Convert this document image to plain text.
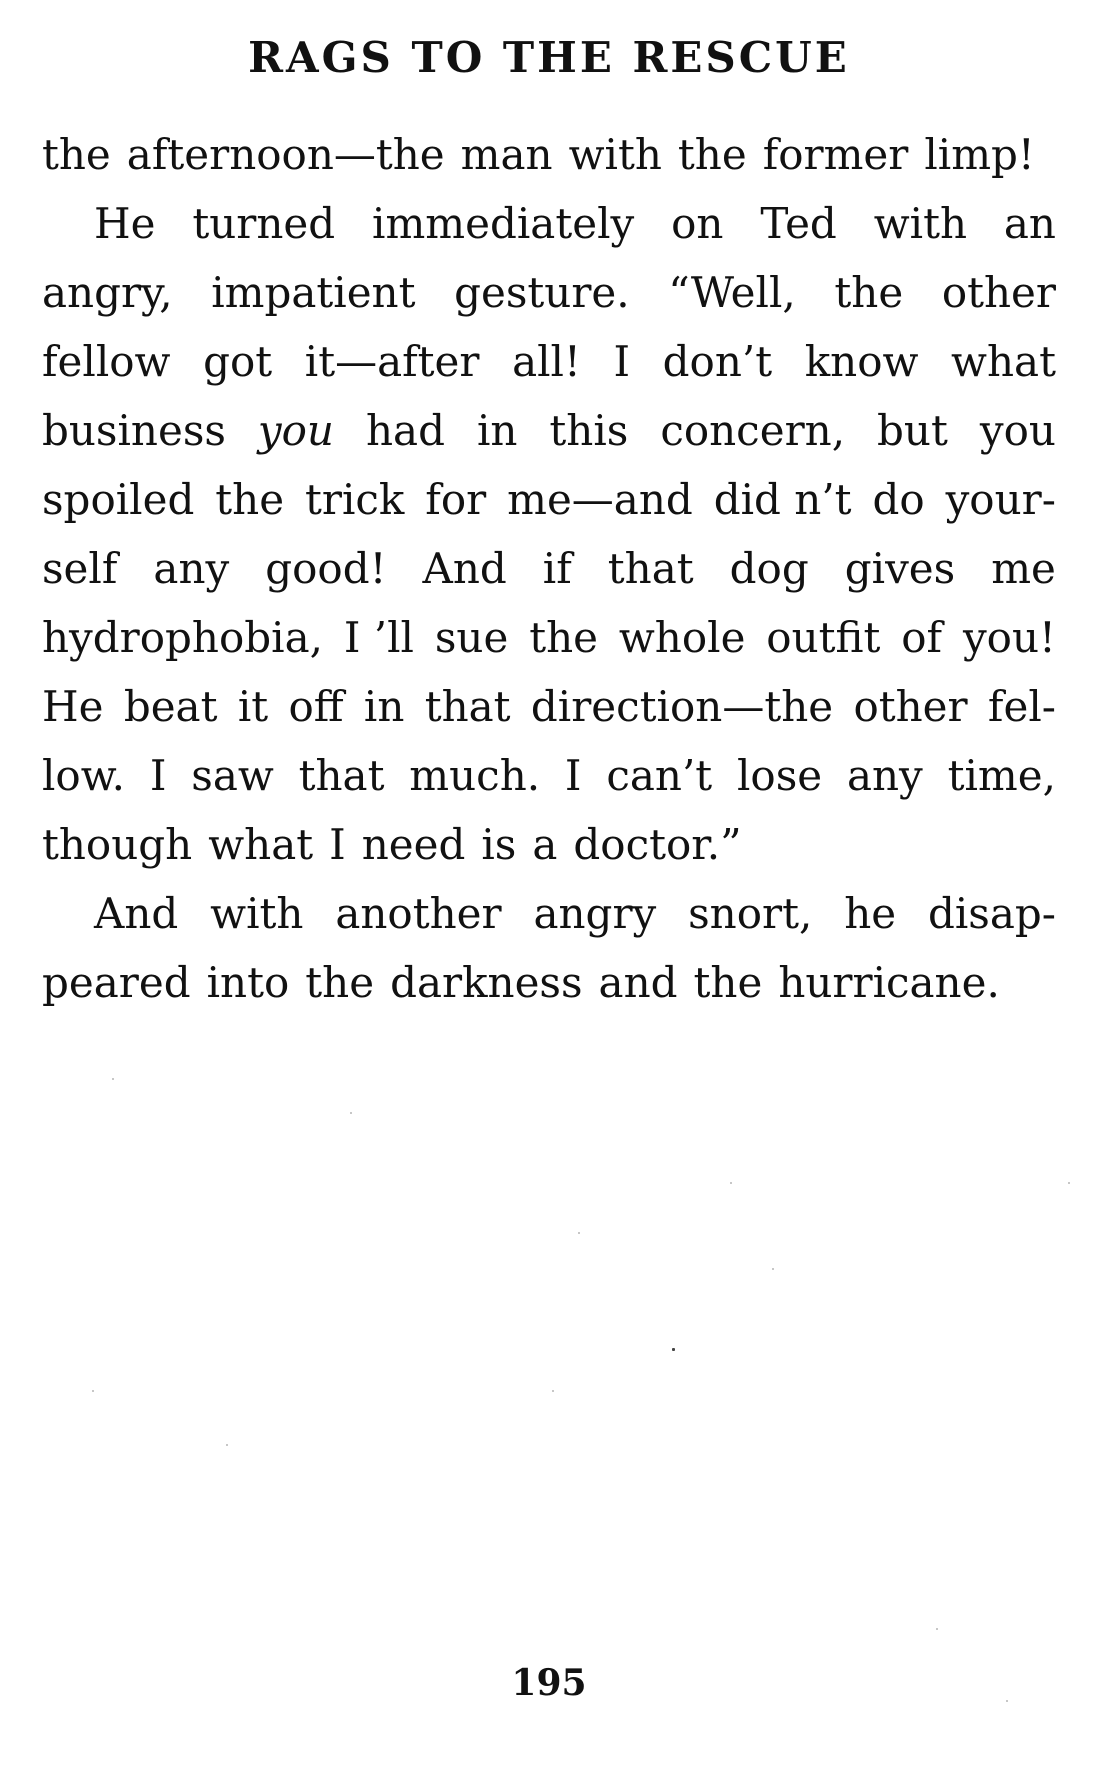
RAGS TO THE RESCUE
the afternoon—the man with the former limp!
He turned immediately on Ted with an
angry, impatient gesture. “Well, the other
fellow got it—after all! I don’t know what
business you had in this concern, but you
spoiled the trick for me—and did n’t do your-
self any good! And if that dog gives me
hydrophobia, I ’ll sue the whole outfit of you!
He beat it off in that direction—the other fel-
low. I saw that much. I can’t lose any time,
though what I need is a doctor.”
And with another angry snort, he disap-
peared into the darkness and the hurricane.
195
